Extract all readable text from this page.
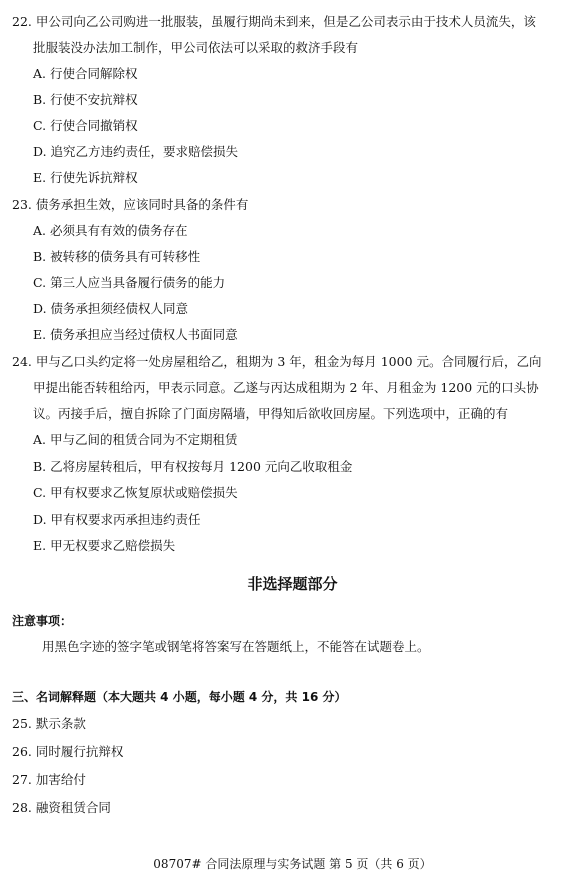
22. 甲公司向乙公司购进一批服装，虽履行期尚未到来，但是乙公司表示由于技术人员流失，该
批服装没办法加工制作，甲公司依法可以采取的救济手段有
A. 行使合同解除权
B. 行使不安抗辩权
C. 行使合同撤销权
D. 追究乙方违约责任，要求赔偿损失
E. 行使先诉抗辩权
23. 债务承担生效，应该同时具备的条件有
A. 必须具有有效的债务存在
B. 被转移的债务具有可转移性
C. 第三人应当具备履行债务的能力
D. 债务承担须经债权人同意
E. 债务承担应当经过债权人书面同意
24. 甲与乙口头约定将一处房屋租给乙，租期为 3 年，租金为每月 1000 元。合同履行后，乙向
甲提出能否转租给丙，甲表示同意。乙遂与丙达成租期为 2 年、月租金为 1200 元的口头协
议。丙接手后，擅自拆除了门面房隔墙，甲得知后欲收回房屋。下列选项中，正确的有
A. 甲与乙间的租赁合同为不定期租赁
B. 乙将房屋转租后，甲有权按每月 1200 元向乙收取租金
C. 甲有权要求乙恢复原状或赔偿损失
D. 甲有权要求丙承担违约责任
E. 甲无权要求乙赔偿损失
非选择题部分
注意事项：
用黑色字迹的签字笔或钢笔将答案写在答题纸上，不能答在试题卷上。
三、名词解释题（本大题共 4 小题，每小题 4 分，共 16 分）
25. 默示条款
26. 同时履行抗辩权
27. 加害给付
28. 融资租赁合同
08707# 合同法原理与实务试题 第 5 页（共 6 页）
